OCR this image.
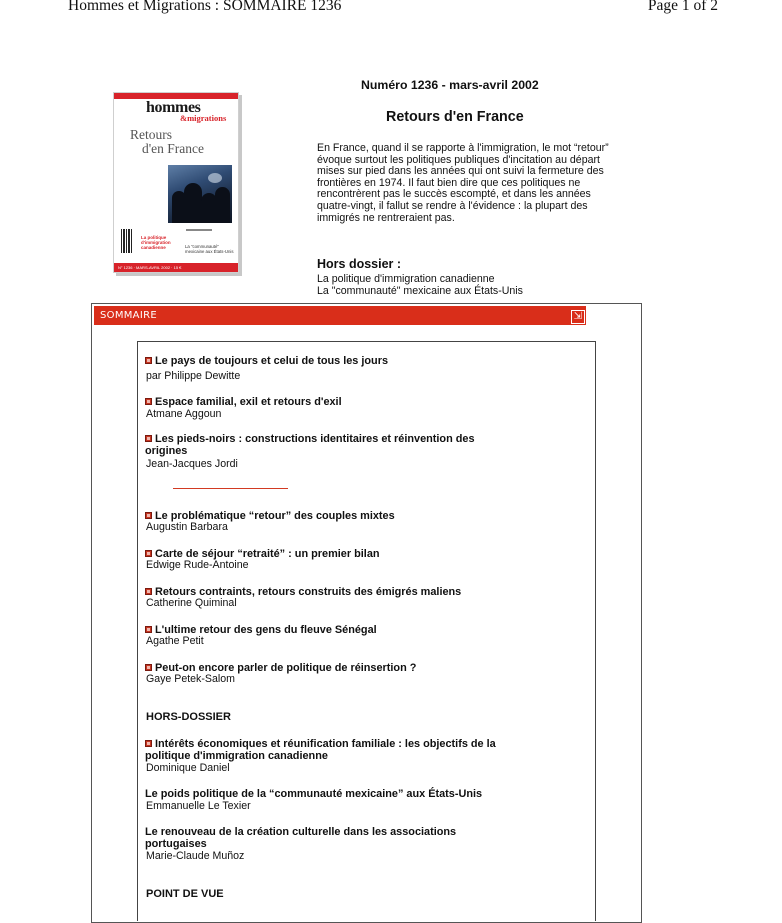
Hommes et Migrations : SOMMAIRE 1236	Page 1 of 2
hommes
&migrations
Retours
d'en France
La politique d'immigration canadienne	La "communauté" mexicaine aux États-Unis
N° 1236 · MARS-AVRIL 2002 · 15 €
Numéro 1236 - mars-avril 2002
Retours d'en France

En France, quand il se rapporte à l'immigration, le mot “retour” évoque surtout les politiques publiques d'incitation au départ mises sur pied dans les années qui ont suivi la fermeture des frontières en 1974. Il faut bien dire que ces politiques ne rencontrèrent pas le succès escompté, et dans les années quatre-vingt, il fallut se rendre à l'évidence : la plupart des immigrés ne rentreraient pas.

Hors dossier :
La politique d'immigration canadienne
La "communauté" mexicaine aux États-Unis
SOMMAIRE	⇲

Le pays de toujours et celui de tous les jours

par Philippe Dewitte

Espace familial, exil et retours d'exil

Atmane Aggoun

Les pieds-noirs : constructions identitaires et réinvention des origines

Jean-Jacques Jordi

Le problématique “retour” des couples mixtes

Augustin Barbara

Carte de séjour “retraité” : un premier bilan

Edwige Rude-Antoine

Retours contraints, retours construits des émigrés maliens

Catherine Quiminal

L'ultime retour des gens du fleuve Sénégal

Agathe Petit

Peut-on encore parler de politique de réinsertion ?

Gaye Petek-Salom
HORS-DOSSIER

Intérêts économiques et réunification familiale : les objectifs de la politique d'immigration canadienne

Dominique Daniel

Le poids politique de la “communauté mexicaine” aux États-Unis

Emmanuelle Le Texier

Le renouveau de la création culturelle dans les associations portugaises

Marie-Claude Muñoz
POINT DE VUE
